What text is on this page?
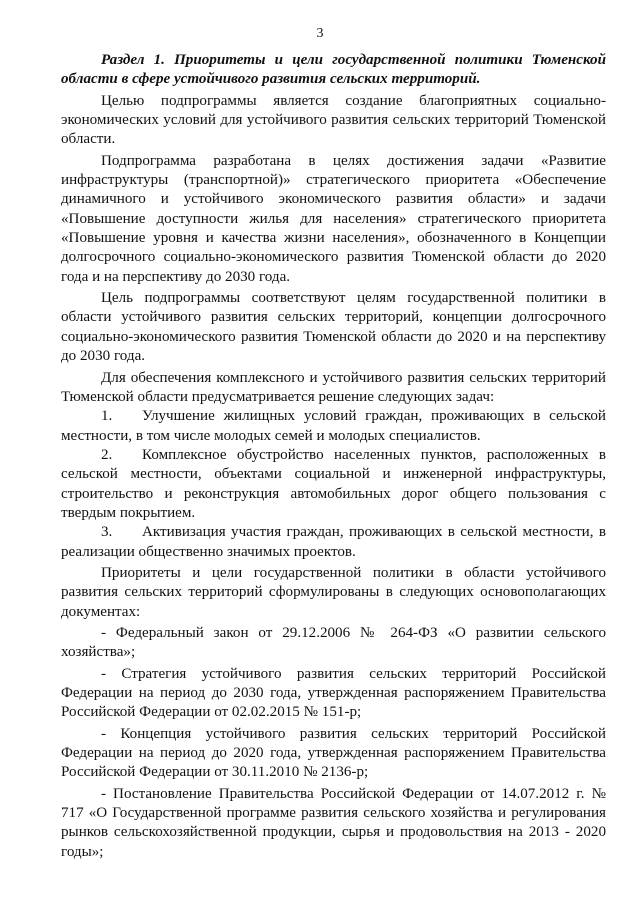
3

Раздел 1. Приоритеты и цели государственной политики Тюменской области в сфере устойчивого развития сельских территорий.

Целью подпрограммы является создание благоприятных социально-экономических условий для устойчивого развития сельских территорий Тюменской области.

Подпрограмма разработана в целях достижения задачи «Развитие инфраструктуры (транспортной)» стратегического приоритета «Обеспечение динамичного и устойчивого экономического развития области» и задачи «Повышение доступности жилья для населения» стратегического приоритета «Повышение уровня и качества жизни населения», обозначенного в Концепции долгосрочного социально-экономического развития Тюменской области до 2020 года и на перспективу до 2030 года.

Цель подпрограммы соответствуют целям государственной политики в области устойчивого развития сельских территорий, концепции долгосрочного социально-экономического развития Тюменской области до 2020 и на перспективу до 2030 года.

Для обеспечения комплексного и устойчивого развития сельских территорий Тюменской области предусматривается решение следующих задач:

1. Улучшение жилищных условий граждан, проживающих в сельской местности, в том числе молодых семей и молодых специалистов.

2. Комплексное обустройство населенных пунктов, расположенных в сельской местности, объектами социальной и инженерной инфраструктуры, строительство и реконструкция автомобильных дорог общего пользования с твердым покрытием.

3. Активизация участия граждан, проживающих в сельской местности, в реализации общественно значимых проектов.

Приоритеты и цели государственной политики в области устойчивого развития сельских территорий сформулированы в следующих основополагающих документах:

- Федеральный закон от 29.12.2006 № 264-ФЗ «О развитии сельского хозяйства»;

- Стратегия устойчивого развития сельских территорий Российской Федерации на период до 2030 года, утвержденная распоряжением Правительства Российской Федерации от 02.02.2015 № 151-р;

- Концепция устойчивого развития сельских территорий Российской Федерации на период до 2020 года, утвержденная распоряжением Правительства Российской Федерации от 30.11.2010 № 2136-р;

- Постановление Правительства Российской Федерации от 14.07.2012 г. № 717 «О Государственной программе развития сельского хозяйства и регулирования рынков сельскохозяйственной продукции, сырья и продовольствия на 2013 - 2020 годы»;
